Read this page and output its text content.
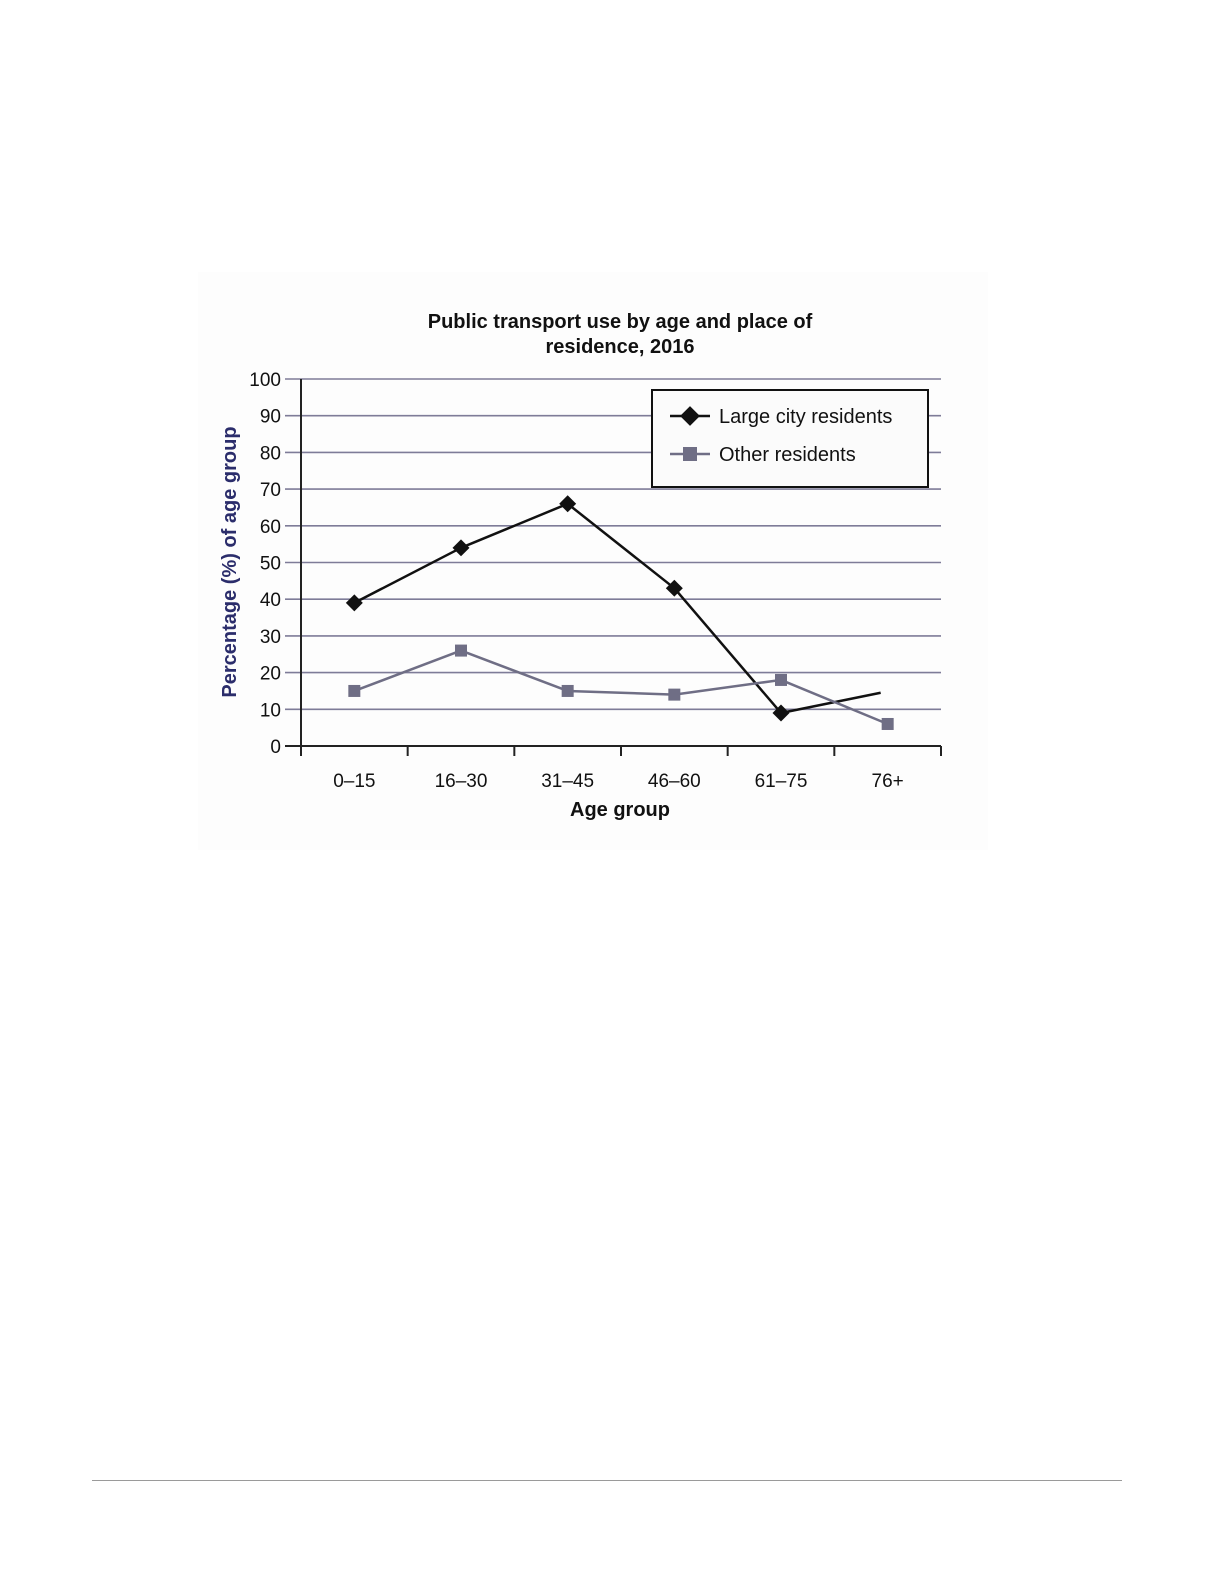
Public transport use by age and place of
residence, 2016
0
10
20
30
40
50
60
70
80
90
100
0–15	16–30	31–45	46–60	61–75	76+
Age group
Percentage (%) of age group
Large city residents
Other residents
